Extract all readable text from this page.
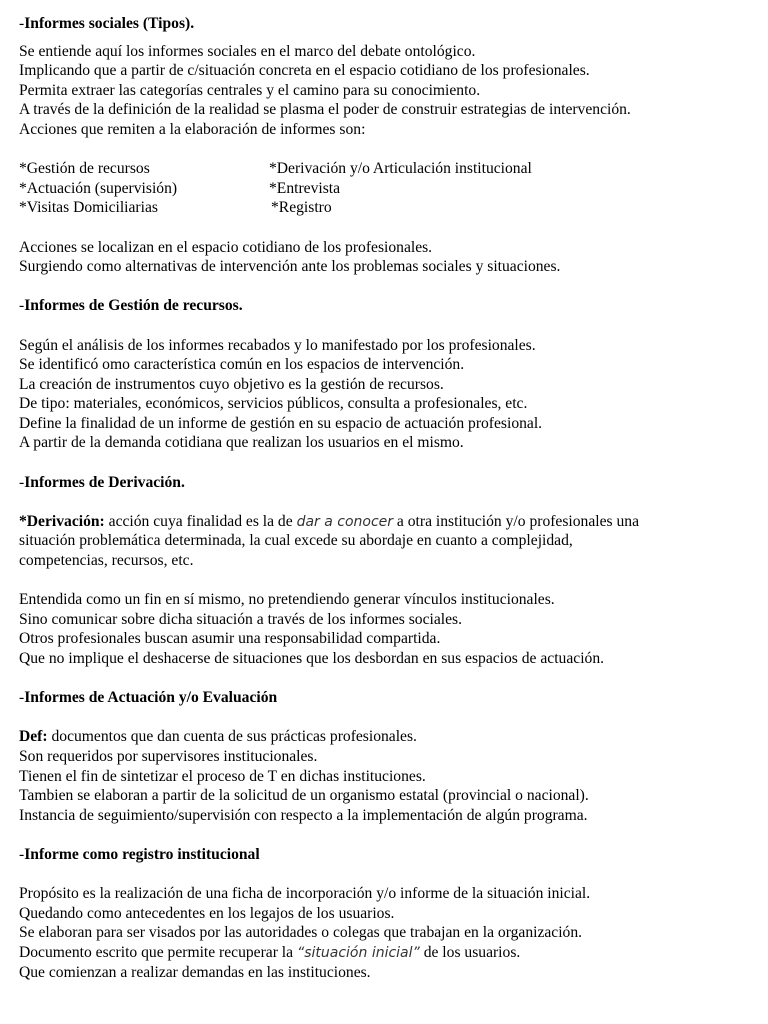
-Informes sociales (Tipos).
Se entiende aquí los informes sociales en el marco del debate ontológico.
Implicando que a partir de c/situación concreta en el espacio cotidiano de los profesionales.
Permita extraer las categorías centrales y el camino para su conocimiento.
A través de la definición de la realidad se plasma el poder de construir estrategias de intervención.
Acciones que remiten a la elaboración de informes son:
*Gestión de recursos	*Derivación y/o Articulación institucional
*Actuación (supervisión)	*Entrevista
*Visitas Domiciliarias	*Registro
Acciones se localizan en el espacio cotidiano de los profesionales.
Surgiendo como alternativas de intervención ante los problemas sociales y situaciones.
-Informes de Gestión de recursos.
Según el análisis de los informes recabados y lo manifestado por los profesionales.
Se identificó omo característica común en los espacios de intervención.
La creación de instrumentos cuyo objetivo es la gestión de recursos.
De tipo: materiales, económicos, servicios públicos, consulta a profesionales, etc.
Define la finalidad de un informe de gestión en su espacio de actuación profesional.
A partir de la demanda cotidiana que realizan los usuarios en el mismo.
-Informes de Derivación.
*Derivación: acción cuya finalidad es la de dar a conocer a otra institución y/o profesionales una
situación problemática determinada, la cual excede su abordaje en cuanto a complejidad,
competencias, recursos, etc.
Entendida como un fin en sí mismo, no pretendiendo generar vínculos institucionales.
Sino comunicar sobre dicha situación a través de los informes sociales.
Otros profesionales buscan asumir una responsabilidad compartida.
Que no implique el deshacerse de situaciones que los desbordan en sus espacios de actuación.
-Informes de Actuación y/o Evaluación
Def: documentos que dan cuenta de sus prácticas profesionales.
Son requeridos por supervisores institucionales.
Tienen el fin de sintetizar el proceso de T en dichas instituciones.
Tambien se elaboran a partir de la solicitud de un organismo estatal (provincial o nacional).
Instancia de seguimiento/supervisión con respecto a la implementación de algún programa.
-Informe como registro institucional
Propósito es la realización de una ficha de incorporación y/o informe de la situación inicial.
Quedando como antecedentes en los legajos de los usuarios.
Se elaboran para ser visados por las autoridades o colegas que trabajan en la organización.
Documento escrito que permite recuperar la “situación inicial” de los usuarios.
Que comienzan a realizar demandas en las instituciones.
